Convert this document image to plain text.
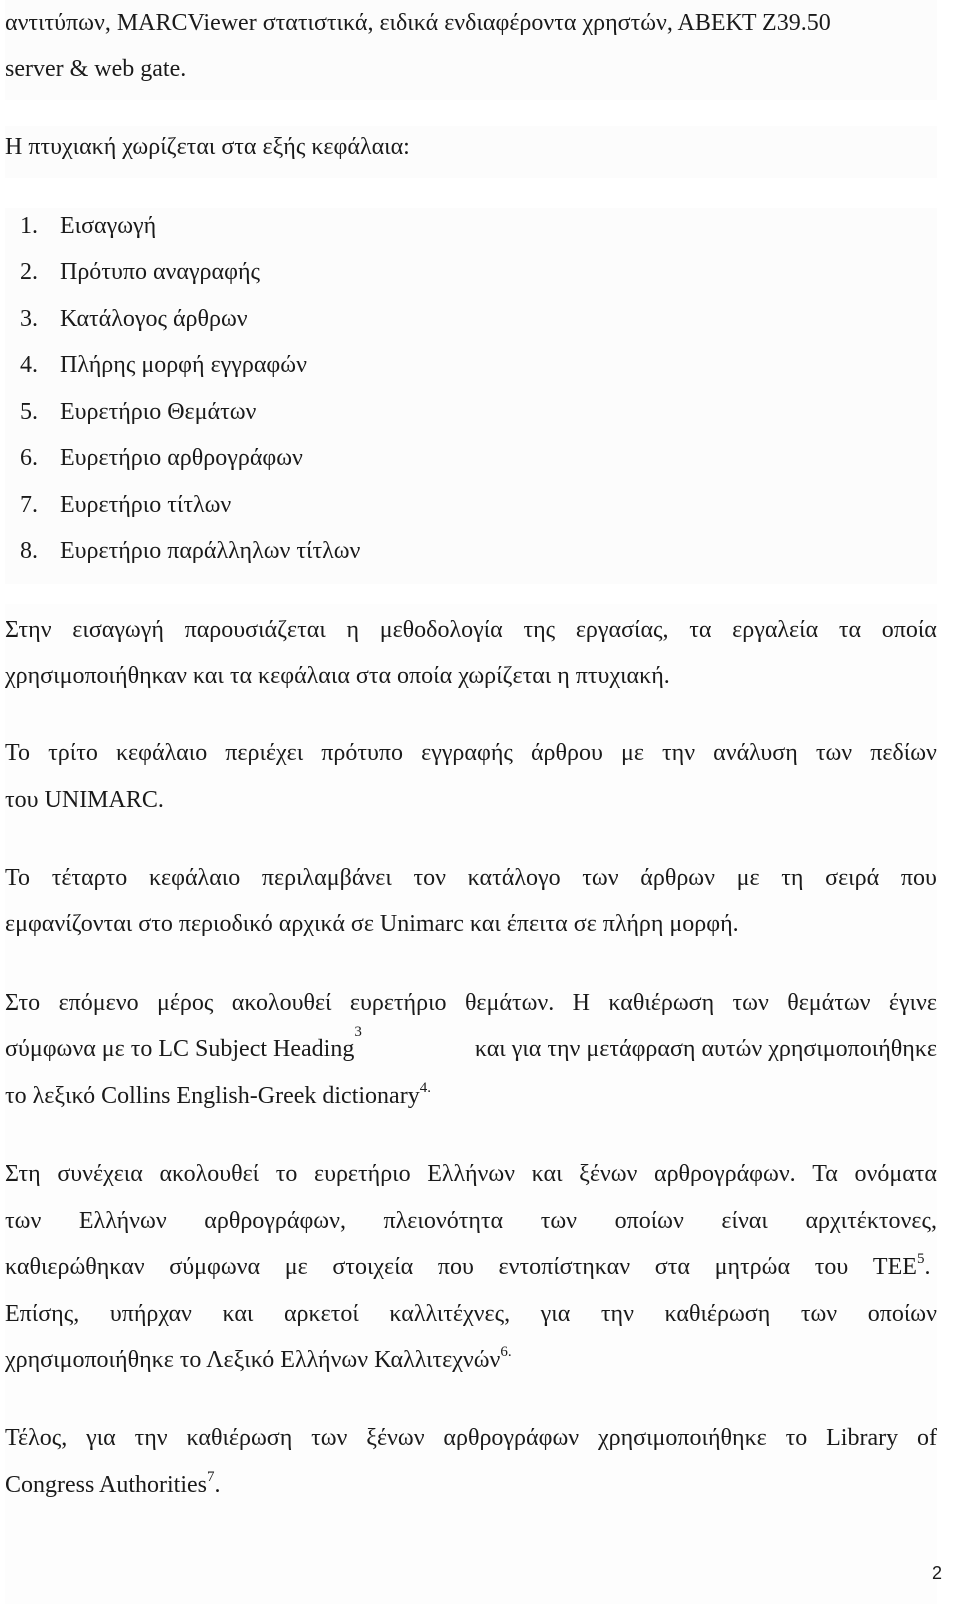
αντιτύπων, MARCViewer στατιστικά, ειδικά ενδιαφέροντα χρηστών, ΑΒΕΚΤ Z39.50
server & web gate.
Η πτυχιακή χωρίζεται στα εξής κεφάλαια:
1. Εισαγωγή
2. Πρότυπο αναγραφής
3. Κατάλογος άρθρων
4. Πλήρης μορφή εγγραφών
5. Ευρετήριο Θεμάτων
6. Ευρετήριο αρθρογράφων
7. Ευρετήριο τίτλων
8. Ευρετήριο παράλληλων τίτλων
Στην εισαγωγή παρουσιάζεται η μεθοδολογία της εργασίας, τα εργαλεία τα οποία
χρησιμοποιήθηκαν και τα κεφάλαια στα οποία χωρίζεται η πτυχιακή.
Το τρίτο κεφάλαιο περιέχει πρότυπο εγγραφής άρθρου με την ανάλυση των πεδίων
του UNIMARC.
Το τέταρτο κεφάλαιο περιλαμβάνει τον κατάλογο των άρθρων με τη σειρά που
εμφανίζονται στο περιοδικό αρχικά σε Unimarc και έπειτα σε πλήρη μορφή.
Στο επόμενο μέρος ακολουθεί ευρετήριο θεμάτων. Η καθιέρωση των θεμάτων έγινε
σύμφωνα με το LC Subject Heading
$^3$
και για την μετάφραση αυτών χρησιμοποιήθηκε
το λεξικό Collins English-Greek dictionary$^{4.}$
Στη συνέχεια ακολουθεί το ευρετήριο Ελλήνων και ξένων αρθρογράφων. Τα ονόματα
των Ελλήνων αρθρογράφων, πλειονότητα των οποίων είναι αρχιτέκτονες,
καθιερώθηκαν σύμφωνα με στοιχεία που εντοπίστηκαν στα μητρώα του ΤΕΕ $^5$.
Επίσης, υπήρχαν και αρκετοί καλλιτέχνες, για την καθιέρωση των οποίων
χρησιμοποιήθηκε το Λεξικό Ελλήνων Καλλιτεχνών$^{6.}$
Τέλος, για την καθιέρωση των ξένων αρθρογράφων χρησιμοποιήθηκε το Library of
Congress Authorities$^7$.
2
